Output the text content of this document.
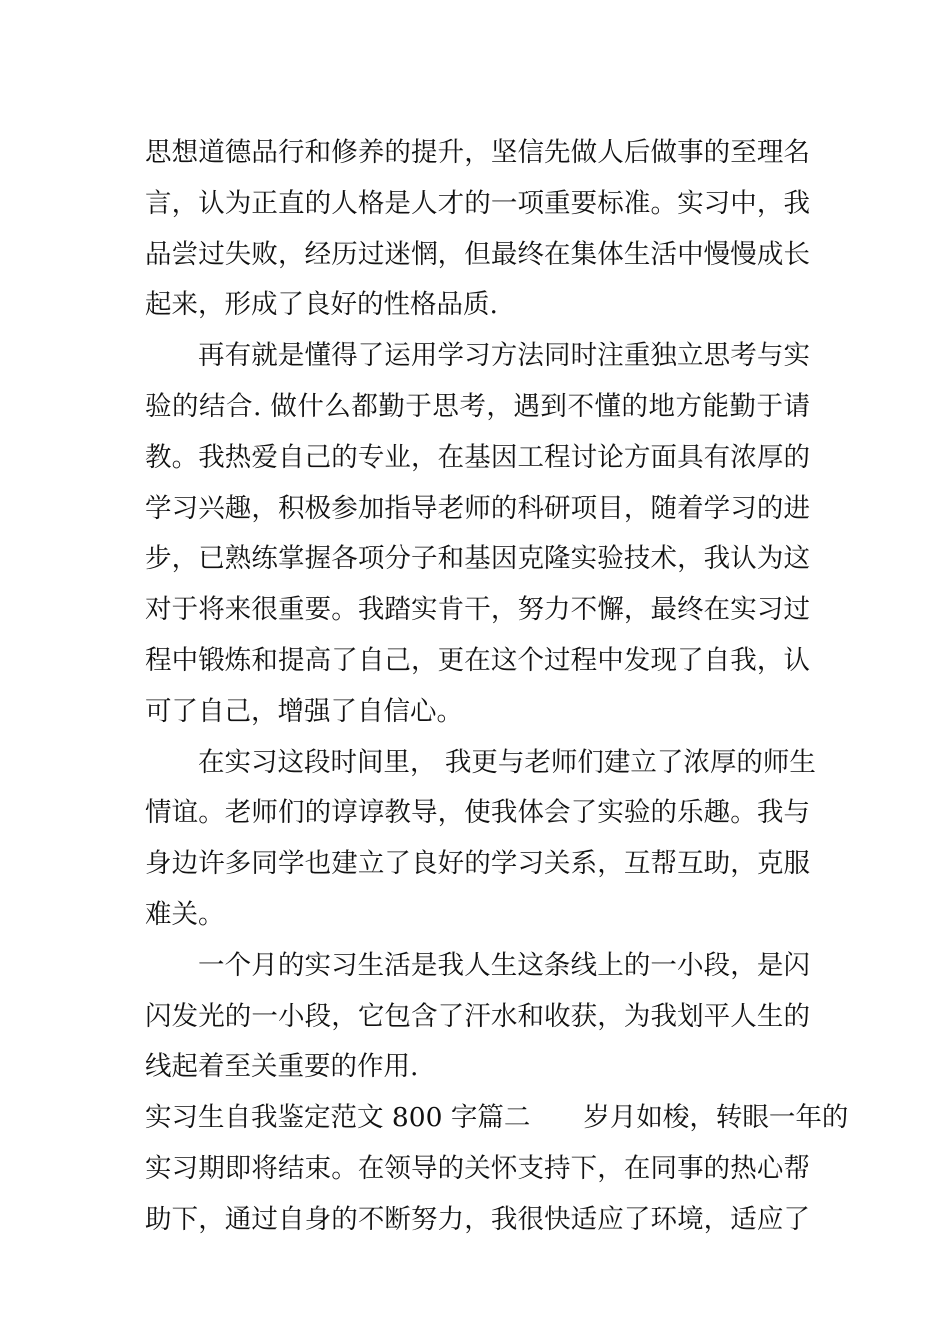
思想道德品行和修养的提升，坚信先做人后做事的至理名
言，认为正直的人格是人才的一项重要标准。实习中，我
品尝过失败，经历过迷惘，但最终在集体生活中慢慢成长
起来，形成了良好的性格品质.
再有就是懂得了运用学习方法同时注重独立思考与实
验的结合. 做什么都勤于思考，遇到不懂的地方能勤于请
教。我热爱自己的专业，在基因工程讨论方面具有浓厚的
学习兴趣，积极参加指导老师的科研项目，随着学习的进
步，已熟练掌握各项分子和基因克隆实验技术，我认为这
对于将来很重要。我踏实肯干，努力不懈，最终在实习过
程中锻炼和提高了自己，更在这个过程中发现了自我，认
可了自己，增强了自信心。
在实习这段时间里， 我更与老师们建立了浓厚的师生
情谊。老师们的谆谆教导，使我体会了实验的乐趣。我与
身边许多同学也建立了良好的学习关系，互帮互助，克服
难关。
一个月的实习生活是我人生这条线上的一小段，是闪
闪发光的一小段，它包含了汗水和收获，为我划平人生的
线起着至关重要的作用.
实习生自我鉴定范文 800 字篇二　　岁月如梭，转眼一年的
实习期即将结束。在领导的关怀支持下，在同事的热心帮
助下，通过自身的不断努力，我很快适应了环境，适应了
